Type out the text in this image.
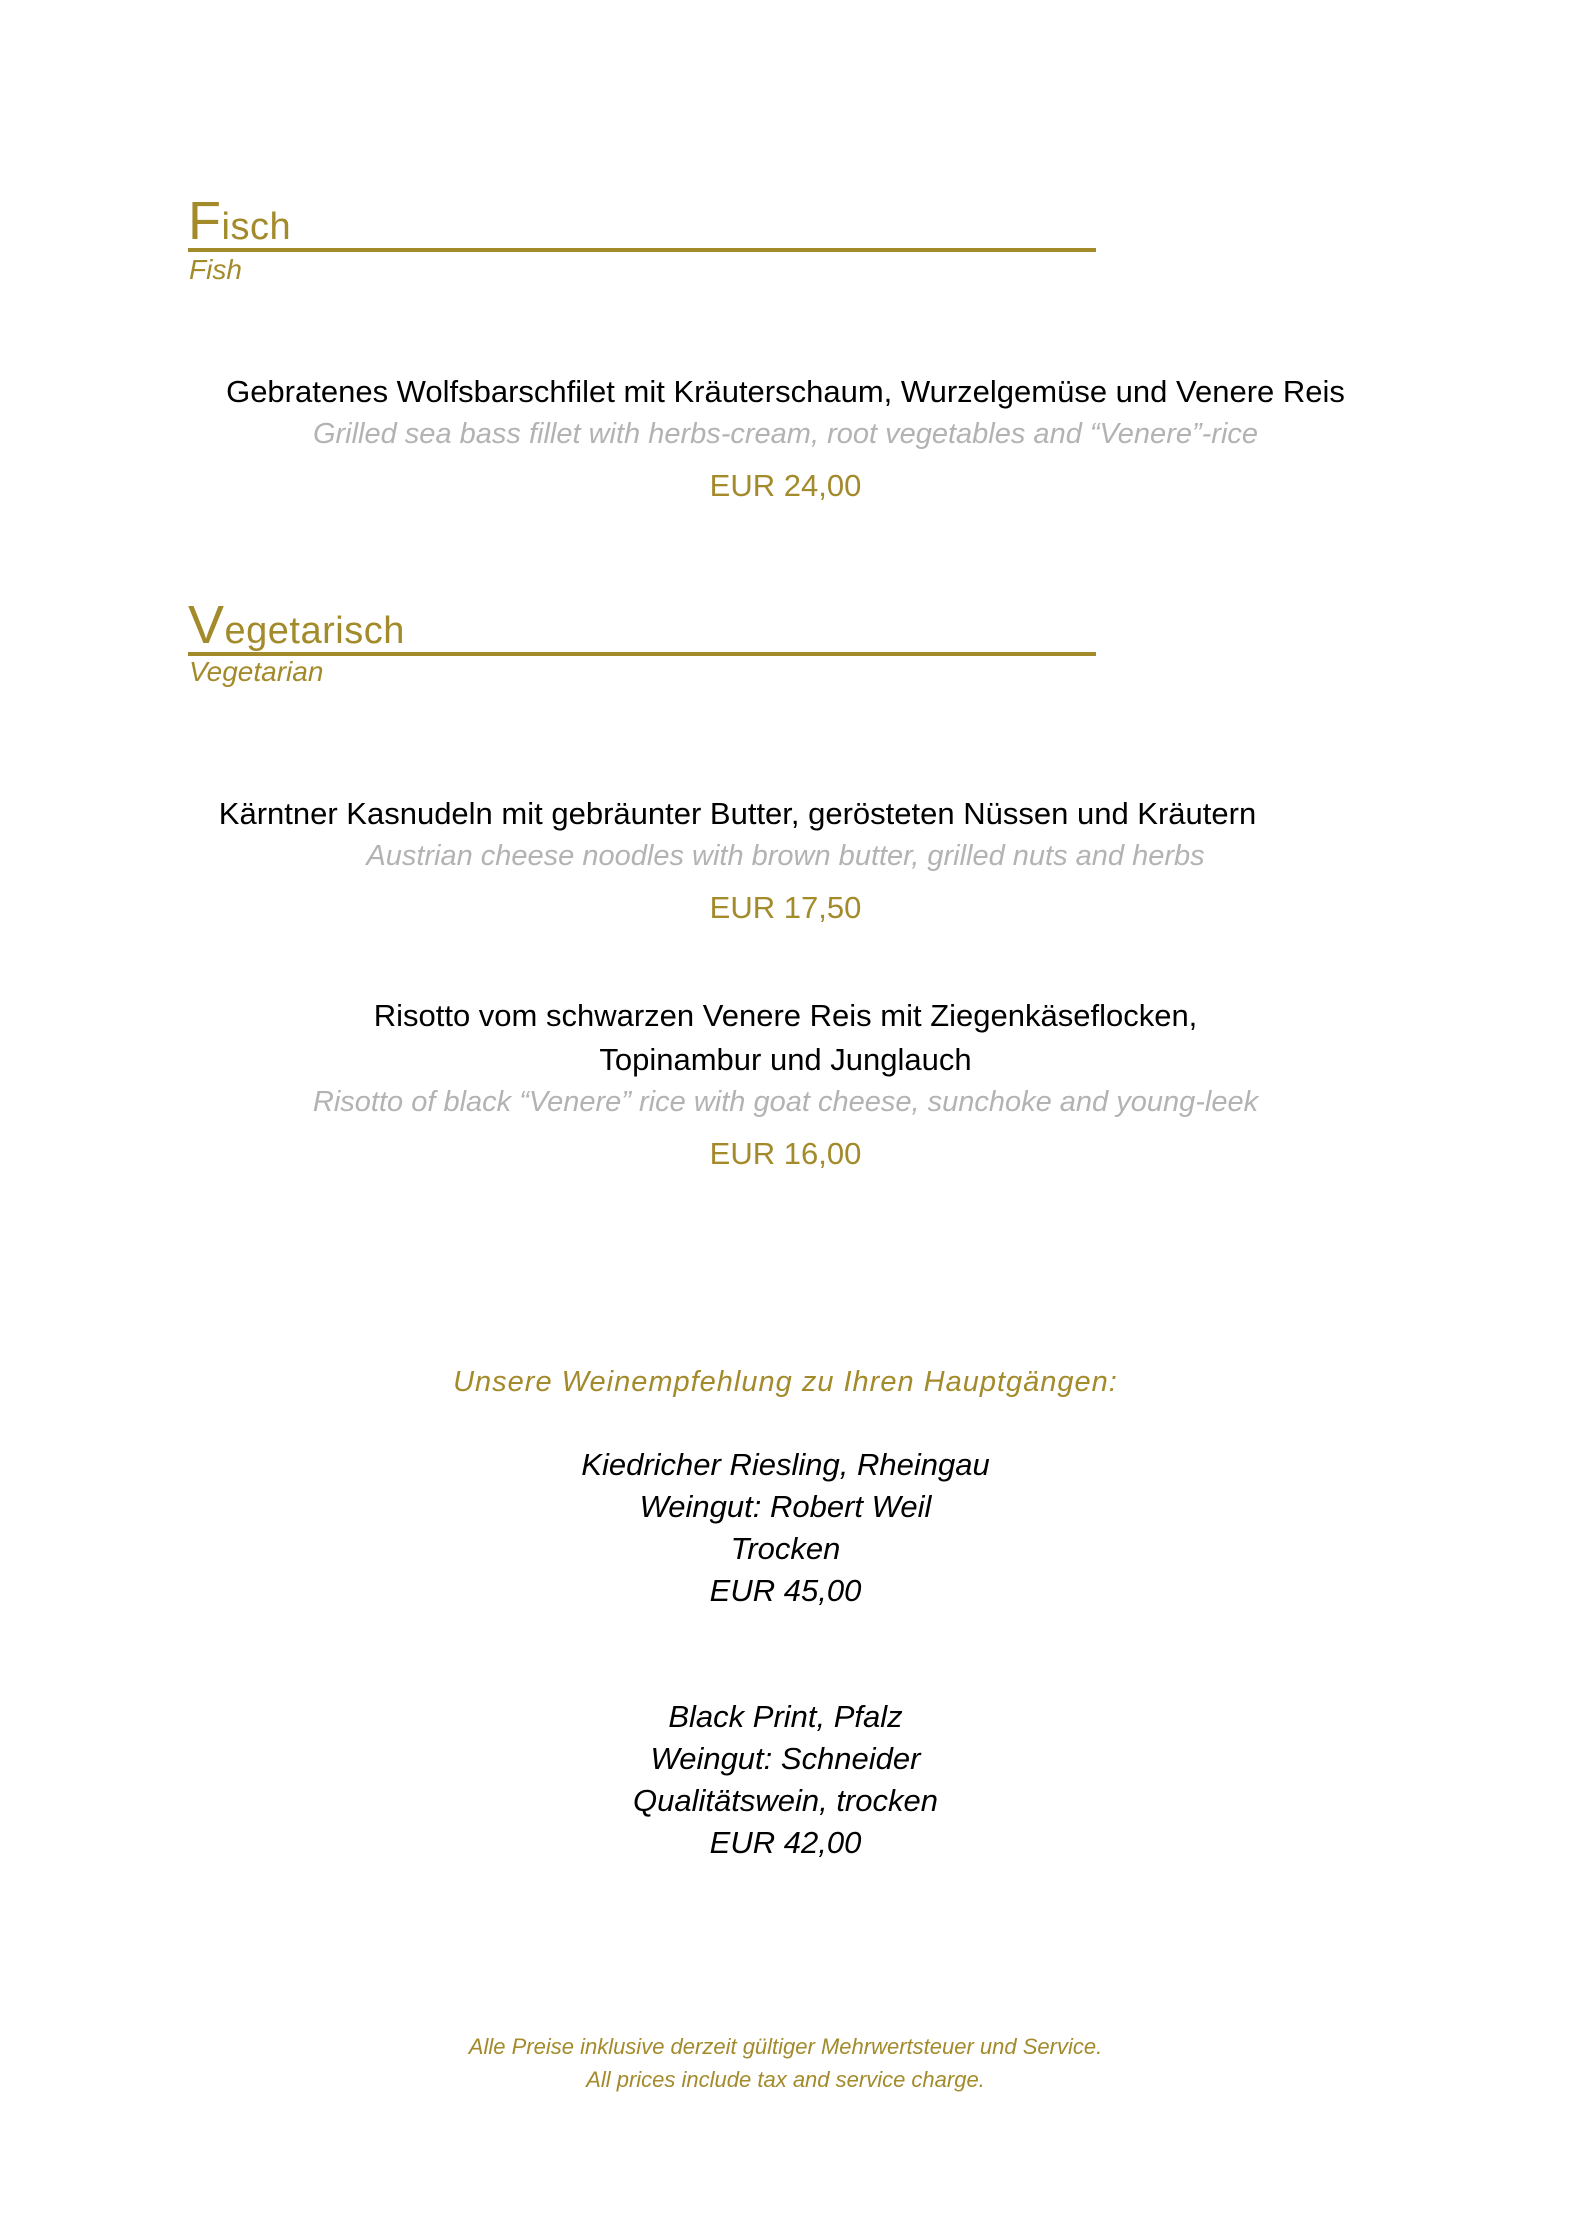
Fisch
Fish
Gebratenes Wolfsbarschfilet mit Kräuterschaum, Wurzelgemüse und Venere Reis
Grilled sea bass fillet with herbs-cream, root vegetables and “Venere”-rice
EUR 24,00
Vegetarisch
Vegetarian
Kärntner Kasnudeln mit gebräunter Butter, gerösteten Nüssen und Kräutern
Austrian cheese noodles with brown butter, grilled nuts and herbs
EUR 17,50
Risotto vom schwarzen Venere Reis mit Ziegenkäseflocken,
Topinambur und Junglauch
Risotto of black “Venere” rice with goat cheese, sunchoke and young-leek
EUR 16,00
Unsere Weinempfehlung zu Ihren Hauptgängen:
Kiedricher Riesling, Rheingau
Weingut: Robert Weil
Trocken
EUR 45,00
Black Print, Pfalz
Weingut: Schneider
Qualitätswein, trocken
EUR 42,00
Alle Preise inklusive derzeit gültiger Mehrwertsteuer und Service.
All prices include tax and service charge.
